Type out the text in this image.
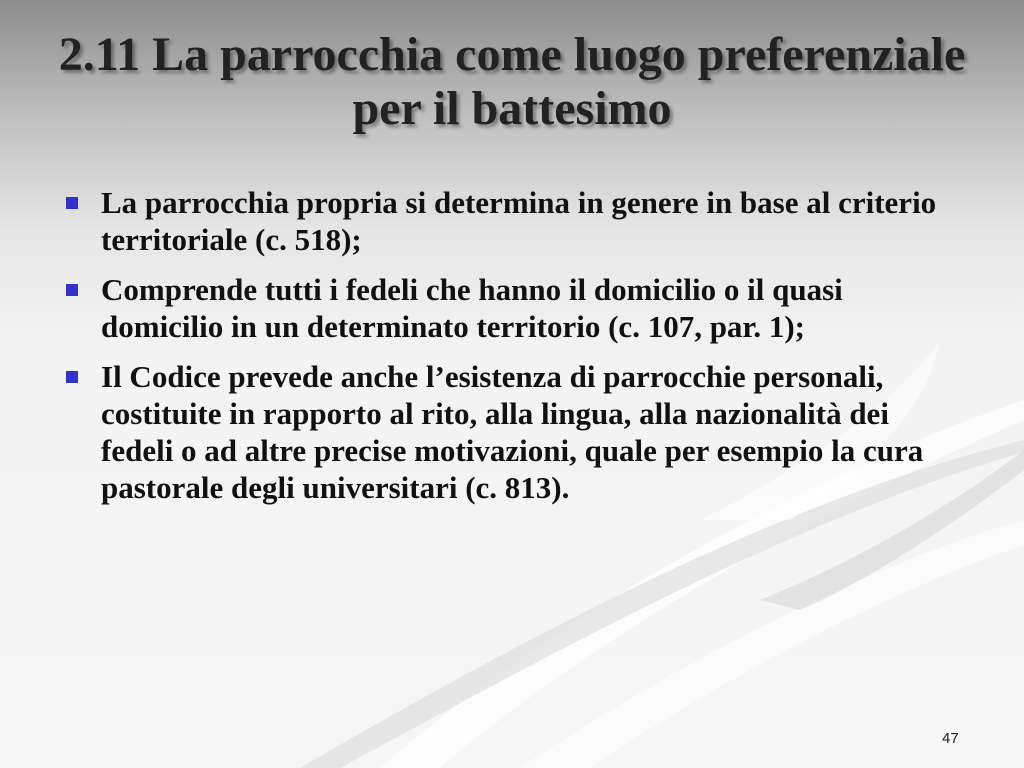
2.11 La parrocchia come luogo preferenziale per il battesimo
La parrocchia propria si determina in genere in base al criterio territoriale (c. 518);
Comprende tutti i fedeli che hanno il domicilio o il quasi domicilio in un determinato territorio (c. 107, par. 1);
Il Codice prevede anche l’esistenza di parrocchie personali, costituite in rapporto al rito, alla lingua, alla nazionalità dei fedeli o ad altre precise motivazioni, quale per esempio la cura pastorale degli universitari (c. 813).
47
